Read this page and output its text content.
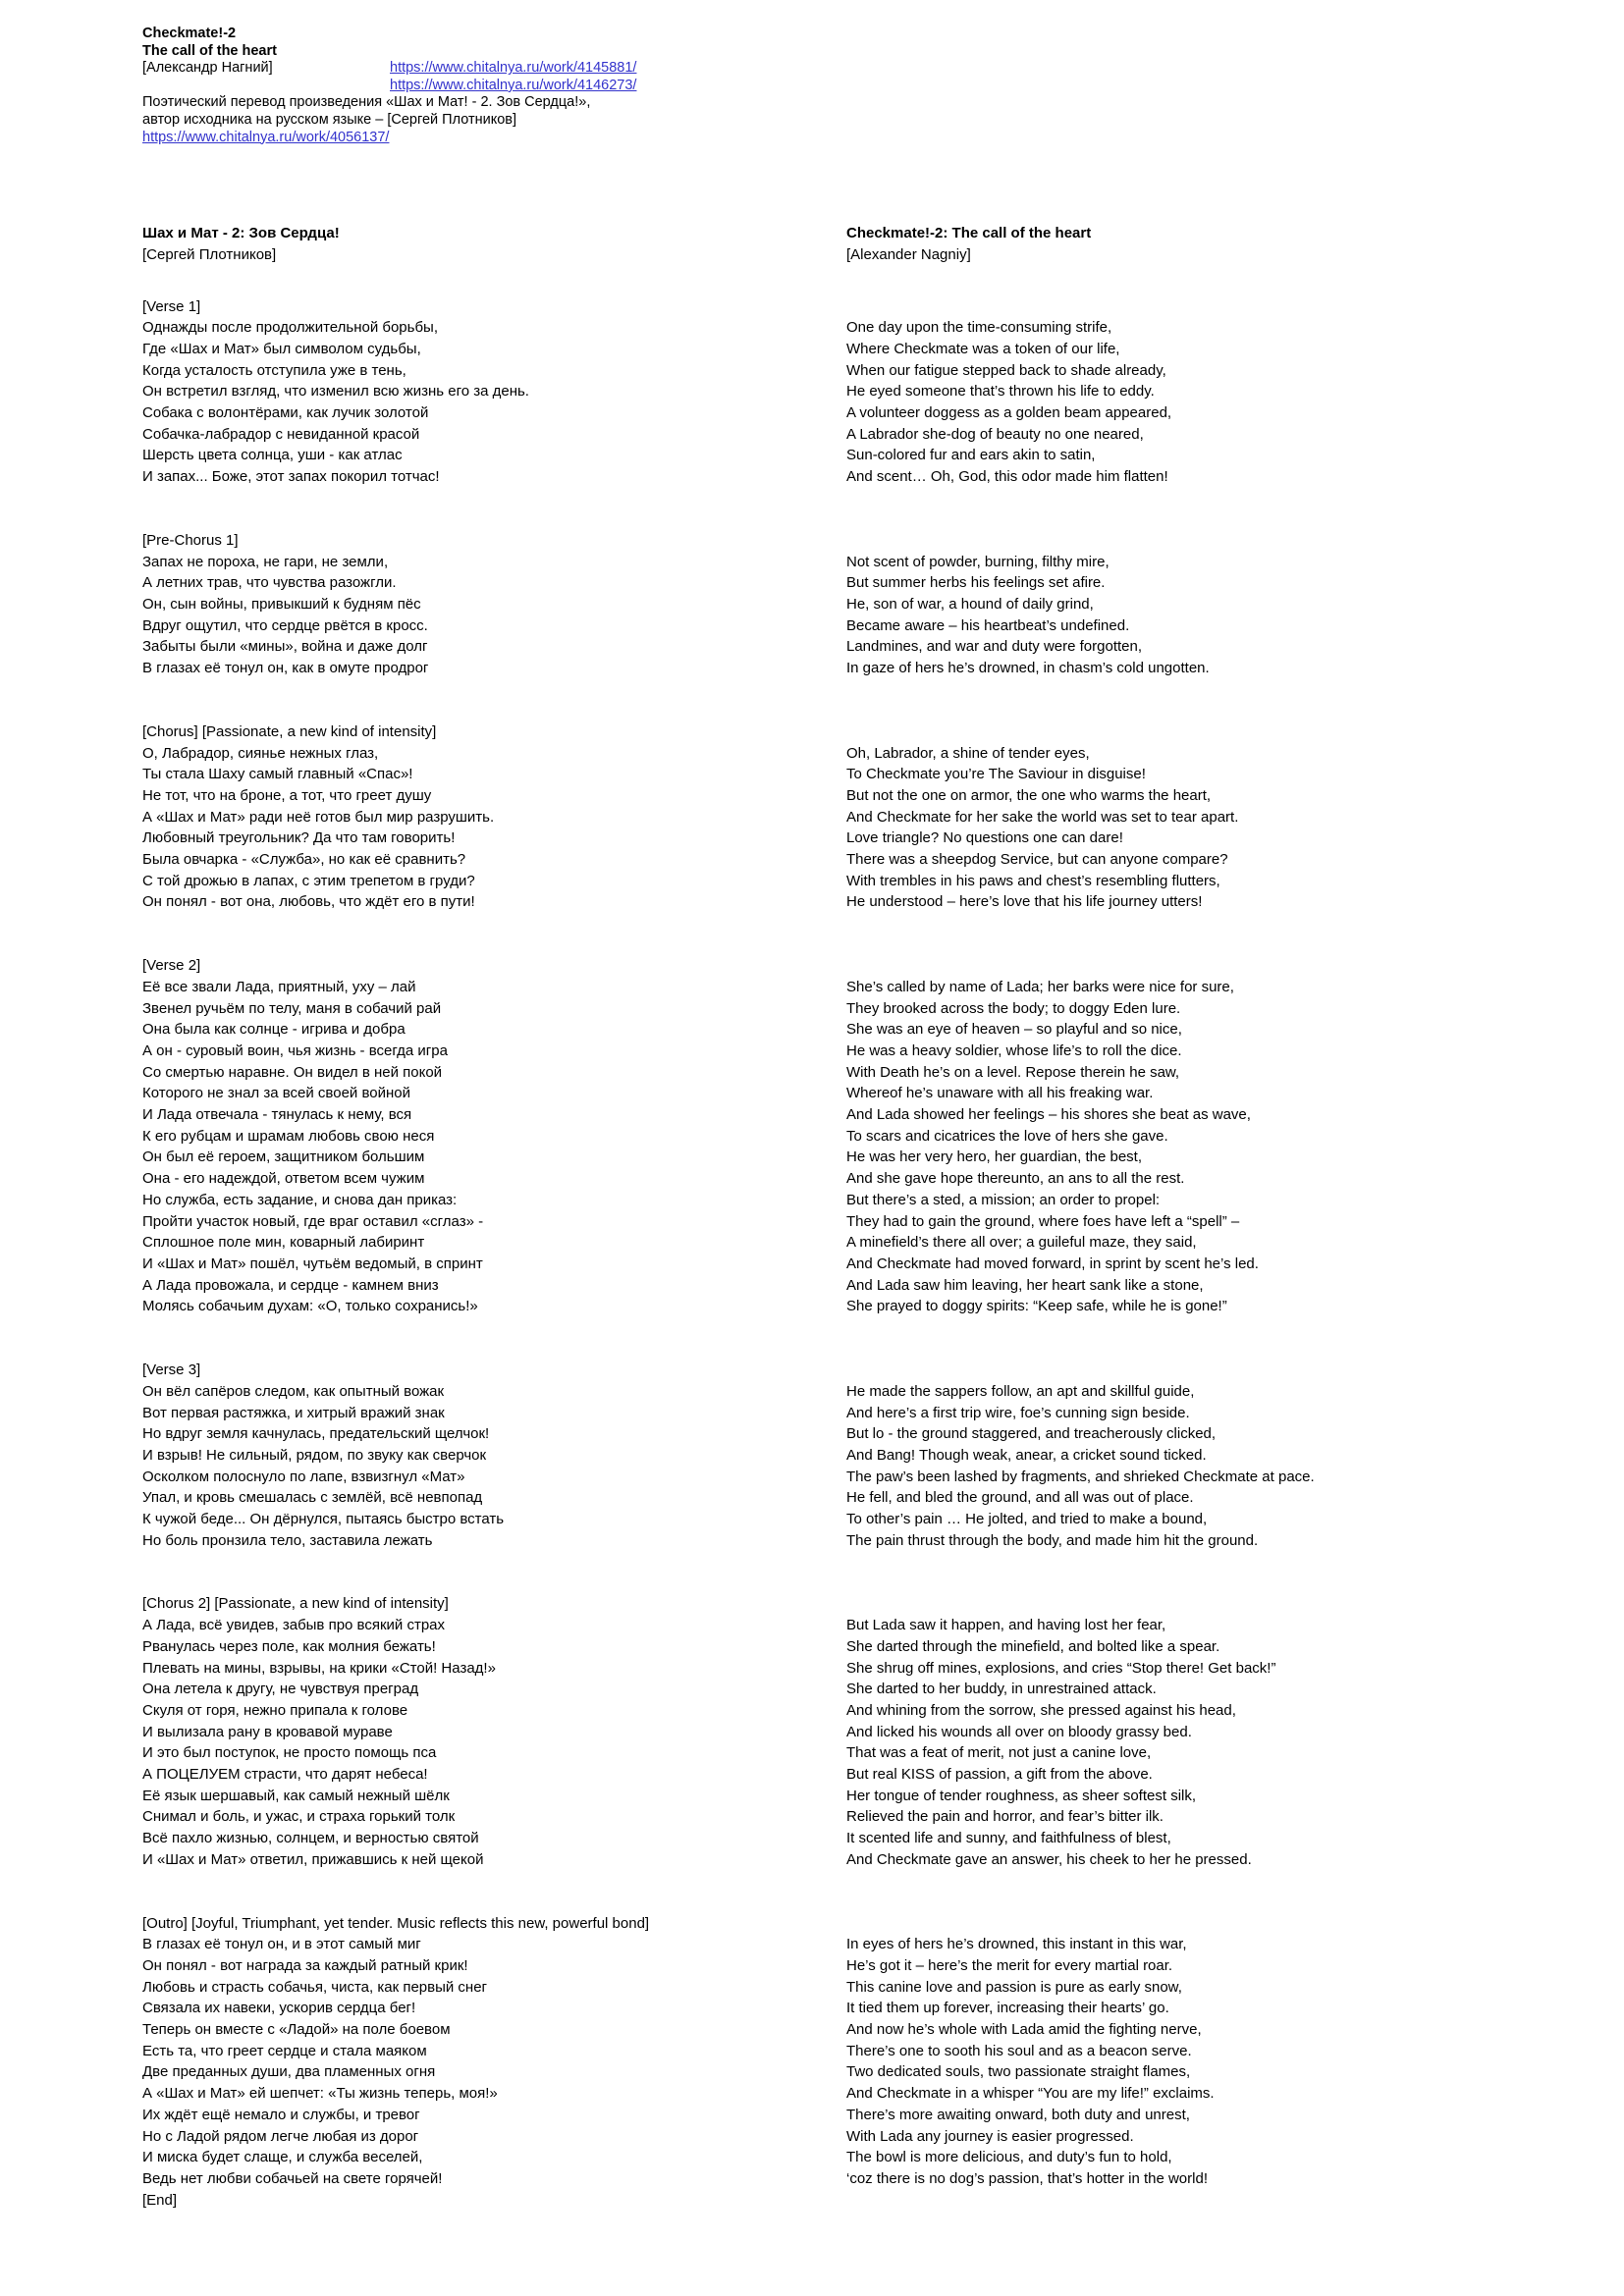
Checkmate!-2
The call of the heart
[Александр Нагний]	https://www.chitalnya.ru/work/4145881/
https://www.chitalnya.ru/work/4146273/
Поэтический перевод произведения «Шах и Мат! - 2. Зов Сердца!»,
автор исходника на русском языке – [Сергей Плотников]
https://www.chitalnya.ru/work/4056137/
Шах и Мат - 2: Зов Сердца!	Checkmate!-2: The call of the heart
[Сергей Плотников]	[Alexander Nagniy]
[Verse 1]
Однажды после продолжительной борьбы,	One day upon the time-consuming strife,
Где «Шах и Мат» был символом судьбы,	Where Checkmate was a token of our life,
Когда усталость отступила уже в тень,	When our fatigue stepped back to shade already,
Он встретил взгляд, что изменил всю жизнь его за день.	He eyed someone that’s thrown his life to eddy.
Собака с волонтёрами, как лучик золотой	A volunteer doggess as a golden beam appeared,
Собачка-лабрадор с невиданной красой	A Labrador she-dog of beauty no one neared,
Шерсть цвета солнца, уши - как атлас	Sun-colored fur and ears akin to satin,
И запах... Боже, этот запах покорил тотчас!	And scent… Oh, God, this odor made him flatten!
[Pre-Chorus 1]
Запах не пороха, не гари, не земли,	Not scent of powder, burning, filthy mire,
А летних трав, что чувства разожгли.	But summer herbs his feelings set afire.
Он, сын войны, привыкший к будням пёс	He, son of war, a hound of daily grind,
Вдруг ощутил, что сердце рвётся в кросс.	Became aware – his heartbeat’s undefined.
Забыты были «мины», война и даже долг	Landmines, and war and duty were forgotten,
В глазах её тонул он, как в омуте продрог	In gaze of hers he’s drowned, in chasm’s cold ungotten.
[Chorus] [Passionate, a new kind of intensity]
О, Лабрадор, сиянье нежных глаз,	Oh, Labrador, a shine of tender eyes,
Ты стала Шаху самый главный «Спас»!	To Checkmate you’re The Saviour in disguise!
Не тот, что на броне, а тот, что греет душу	But not the one on armor, the one who warms the heart,
А «Шах и Мат» ради неё готов был мир разрушить.	And Checkmate for her sake the world was set to tear apart.
Любовный треугольник? Да что там говорить!	Love triangle? No questions one can dare!
Была овчарка - «Служба», но как её сравнить?	There was a sheepdog Service, but can anyone compare?
С той дрожью в лапах, с этим трепетом в груди?	With trembles in his paws and chest’s resembling flutters,
Он понял - вот она, любовь, что ждёт его в пути!	He understood – here’s love that his life journey utters!
[Verse 2]
Её все звали Лада, приятный, уху – лай	She’s called by name of Lada; her barks were nice for sure,
Звенел ручьём по телу, маня в собачий рай	They brooked across the body; to doggy Eden lure.
Она была как солнце - игрива и добра	She was an eye of heaven – so playful and so nice,
А он - суровый воин, чья жизнь - всегда игра	He was a heavy soldier, whose life’s to roll the dice.
Со смертью наравне. Он видел в ней покой	With Death he’s on a level. Repose therein he saw,
Которого не знал за всей своей войной	Whereof he’s unaware with all his freaking war.
И Лада отвечала - тянулась к нему, вся	And Lada showed her feelings – his shores she beat as wave,
К его рубцам и шрамам любовь свою неся	To scars and cicatrices the love of hers she gave.
Он был её героем, защитником большим	He was her very hero, her guardian, the best,
Она - его надеждой, ответом всем чужим	And she gave hope thereunto, an ans to all the rest.
Но служба, есть задание, и снова дан приказ:	But there’s a sted, a mission; an order to propel:
Пройти участок новый, где враг оставил «сглаз» -	They had to gain the ground, where foes have left a “spell” –
Сплошное поле мин, коварный лабиринт	A minefield’s there all over; a guileful maze, they said,
И «Шах и Мат» пошёл, чутьём ведомый, в спринт	And Checkmate had moved forward, in sprint by scent he’s led.
А Лада провожала, и сердце - камнем вниз	And Lada saw him leaving, her heart sank like a stone,
Молясь собачьим духам: «О, только сохранись!»	She prayed to doggy spirits: “Keep safe, while he is gone!”
[Verse 3]
Он вёл сапёров следом, как опытный вожак	He made the sappers follow, an apt and skillful guide,
Вот первая растяжка, и хитрый вражий знак	And here’s a first trip wire, foe’s cunning sign beside.
Но вдруг земля качнулась, предательский щелчок!	But lo - the ground staggered, and treacherously clicked,
И взрыв! Не сильный, рядом, по звуку как сверчок	And Bang! Though weak, anear, a cricket sound ticked.
Осколком полоснуло по лапе, взвизгнул «Мат»	The paw’s been lashed by fragments, and shrieked Checkmate at pace.
Упал, и кровь смешалась с землёй, всё невпопад	He fell, and bled the ground, and all was out of place.
К чужой беде... Он дёрнулся, пытаясь быстро встать	To other’s pain … He jolted, and tried to make a bound,
Но боль пронзила тело, заставила лежать	The pain thrust through the body, and made him hit the ground.
[Chorus 2] [Passionate, a new kind of intensity]
А Лада, всё увидев, забыв про всякий страх	But Lada saw it happen, and having lost her fear,
Рванулась через поле, как молния бежать!	She darted through the minefield, and bolted like a spear.
Плевать на мины, взрывы, на крики «Стой! Назад!»	She shrug off mines, explosions, and cries “Stop there! Get back!”
Она летела к другу, не чувствуя преград	She darted to her buddy, in unrestrained attack.
Скуля от горя, нежно припала к голове	And whining from the sorrow, she pressed against his head,
И вылизала рану в кровавой мураве	And licked his wounds all over on bloody grassy bed.
И это был поступок, не просто помощь пса	That was a feat of merit, not just a canine love,
А ПОЦЕЛУЕМ страсти, что дарят небеса!	But real KISS of passion, a gift from the above.
Её язык шершавый, как самый нежный шёлк	Her tongue of tender roughness, as sheer softest silk,
Снимал и боль, и ужас, и страха горький толк	Relieved the pain and horror, and fear’s bitter ilk.
Всё пахло жизнью, солнцем, и верностью святой	It scented life and sunny, and faithfulness of blest,
И «Шах и Мат» ответил, прижавшись к ней щекой	And Checkmate gave an answer, his cheek to her he pressed.
[Outro] [Joyful, Triumphant, yet tender. Music reflects this new, powerful bond]
В глазах её тонул он, и в этот самый миг	In eyes of hers he’s drowned, this instant in this war,
Он понял - вот награда за каждый ратный крик!	He’s got it – here’s the merit for every martial roar.
Любовь и страсть собачья, чиста, как первый снег	This canine love and passion is pure as early snow,
Связала их навеки, ускорив сердца бег!	It tied them up forever, increasing their hearts’ go.
Теперь он вместе с «Ладой» на поле боевом	And now he’s whole with Lada amid the fighting nerve,
Есть та, что греет сердце и стала маяком	There’s one to sooth his soul and as a beacon serve.
Две преданных души, два пламенных огня	Two dedicated souls, two passionate straight flames,
А «Шах и Мат» ей шепчет: «Ты жизнь теперь, моя!»	And Checkmate in a whisper “You are my life!” exclaims.
Их ждёт ещё немало и службы, и тревог	There’s more awaiting onward, both duty and unrest,
Но с Ладой рядом легче любая из дорог	With Lada any journey is easier progressed.
И миска будет слаще, и служба веселей,	The bowl is more delicious, and duty’s fun to hold,
Ведь нет любви собачьей на свете горячей!	‘coz there is no dog’s passion, that’s hotter in the world!
[End]
